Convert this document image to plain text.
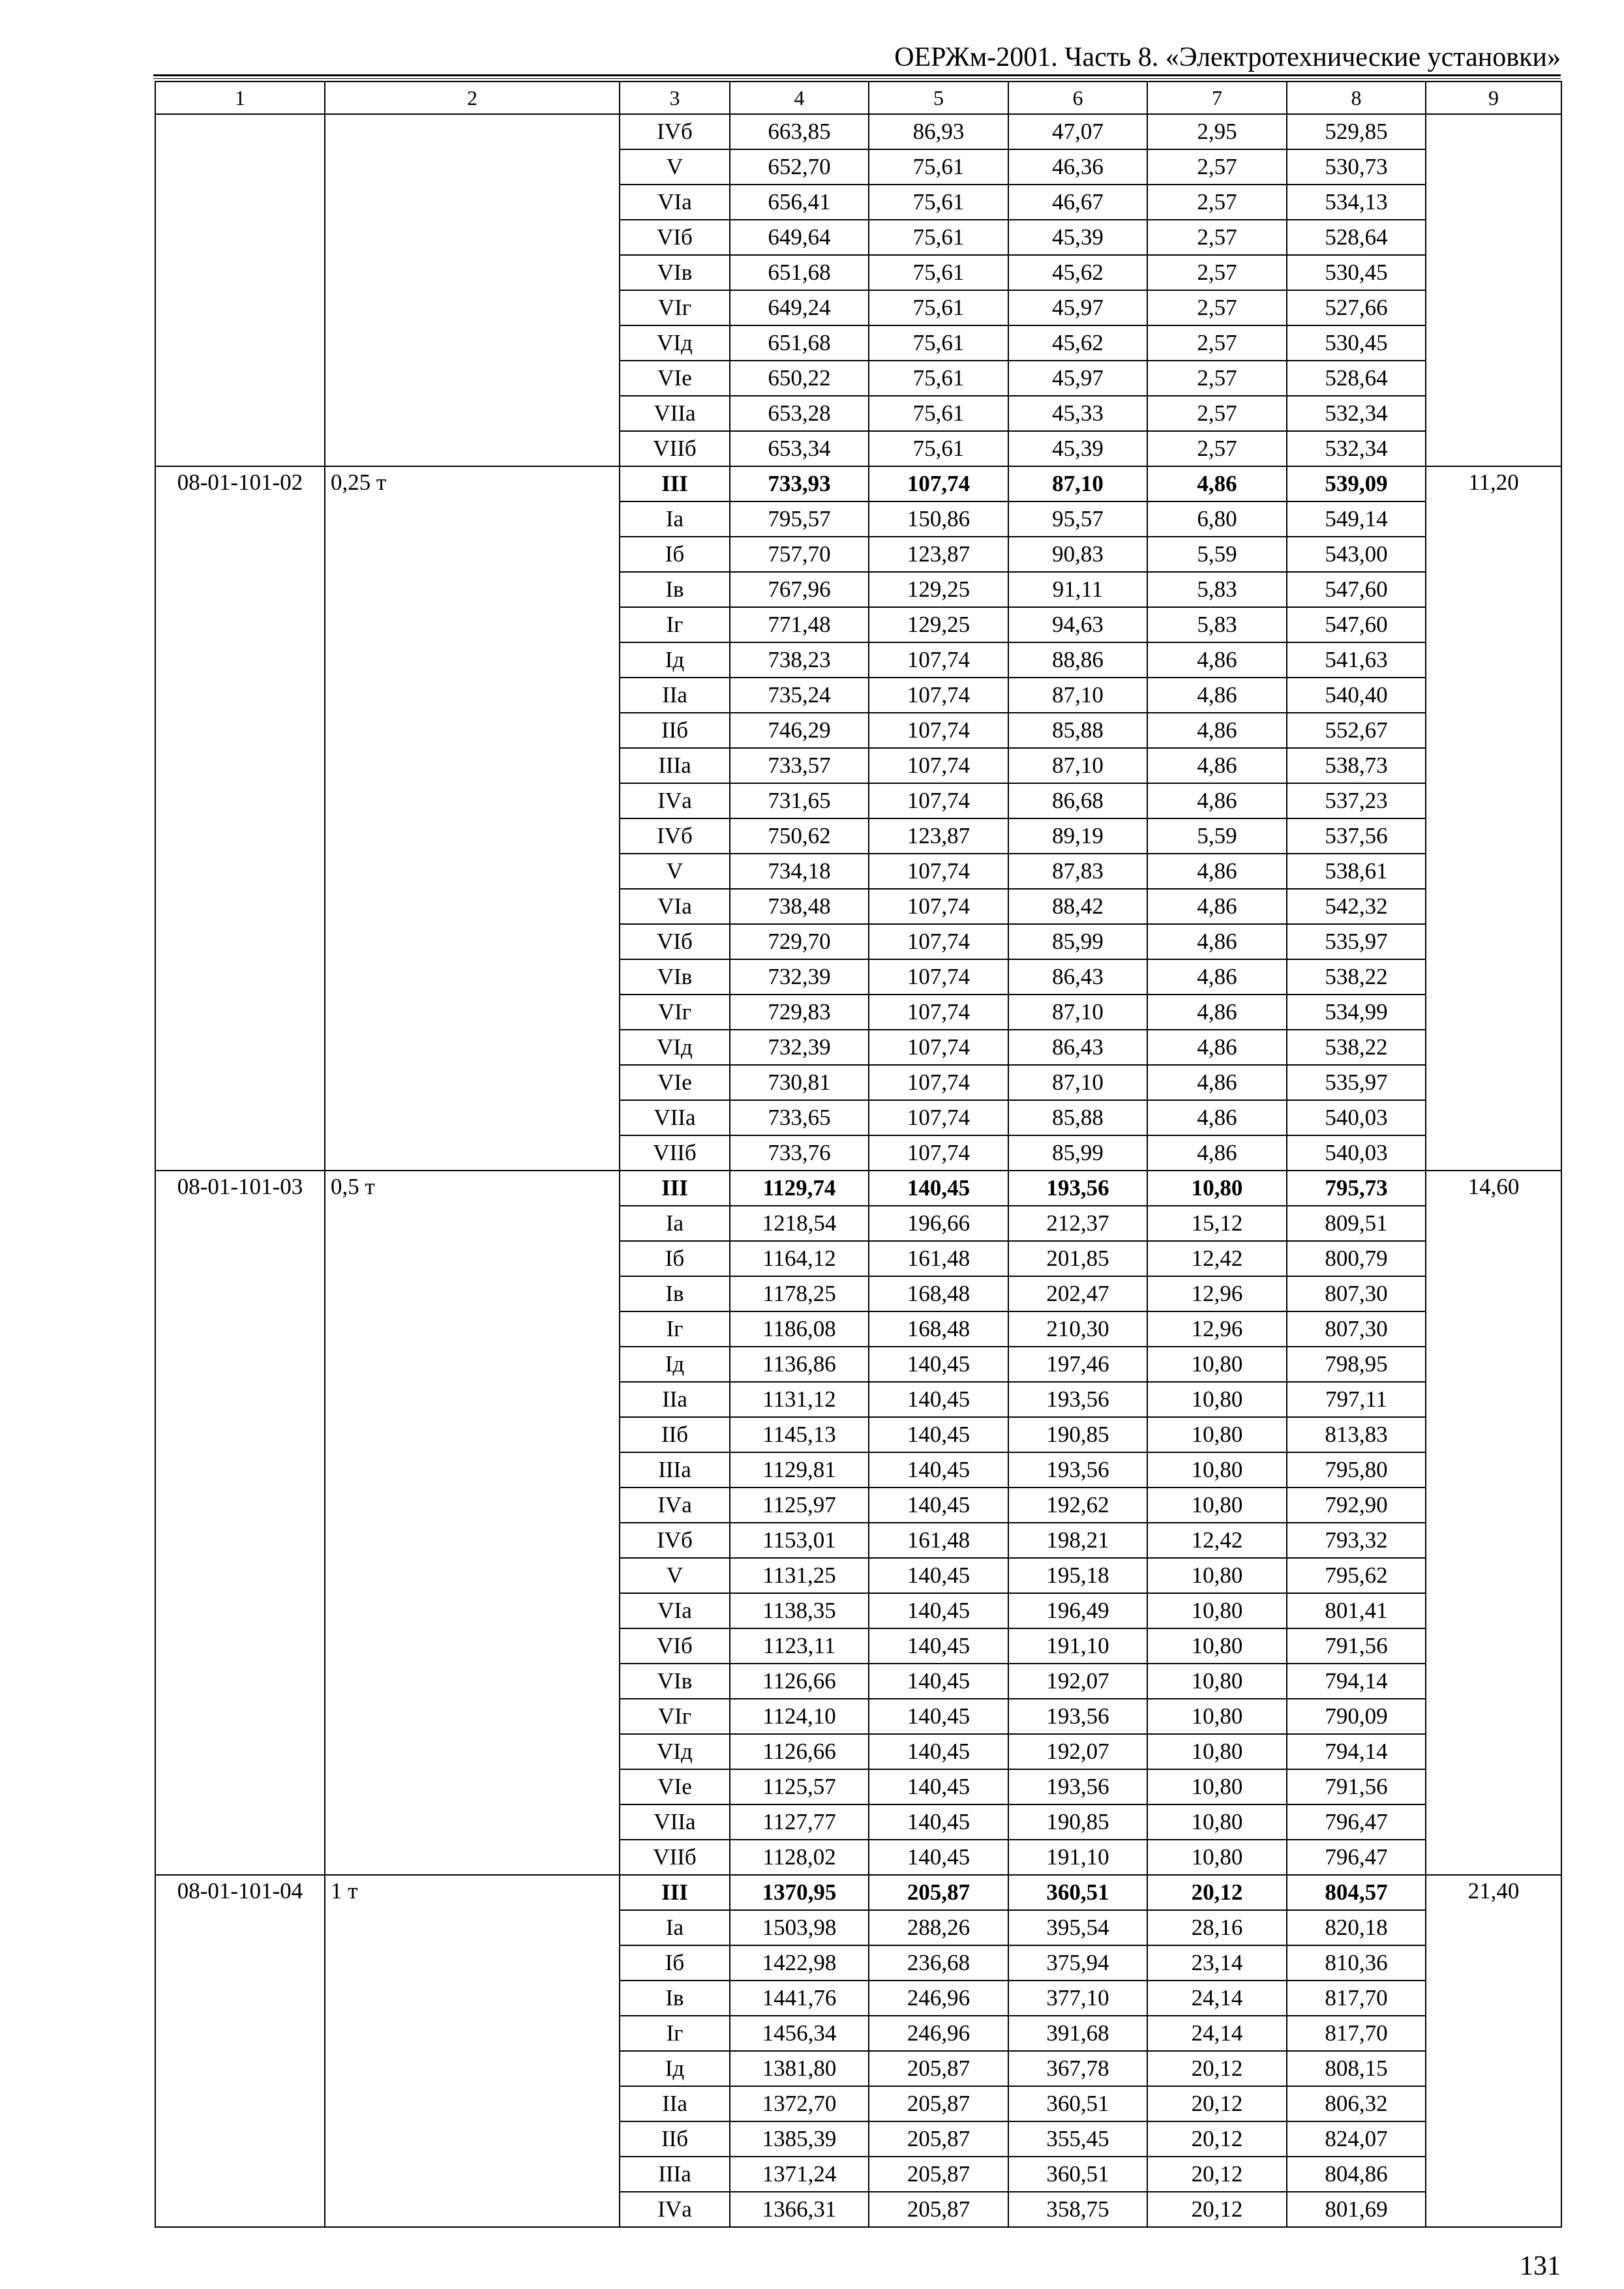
ОЕРЖм-2001. Часть 8. «Электротехнические установки»
1	2	3	4	5	6	7	8	9
		IVб	663,85	86,93	47,07	2,95	529,85	
		V	652,70	75,61	46,36	2,57	530,73	
		VIа	656,41	75,61	46,67	2,57	534,13	
		VIб	649,64	75,61	45,39	2,57	528,64	
		VIв	651,68	75,61	45,62	2,57	530,45	
		VIг	649,24	75,61	45,97	2,57	527,66	
		VIд	651,68	75,61	45,62	2,57	530,45	
		VIе	650,22	75,61	45,97	2,57	528,64	
		VIIа	653,28	75,61	45,33	2,57	532,34	
		VIIб	653,34	75,61	45,39	2,57	532,34	
08-01-101-02	0,25 т	III	733,93	107,74	87,10	4,86	539,09	11,20
		Iа	795,57	150,86	95,57	6,80	549,14	
		Iб	757,70	123,87	90,83	5,59	543,00	
		Iв	767,96	129,25	91,11	5,83	547,60	
		Iг	771,48	129,25	94,63	5,83	547,60	
		Iд	738,23	107,74	88,86	4,86	541,63	
		IIа	735,24	107,74	87,10	4,86	540,40	
		IIб	746,29	107,74	85,88	4,86	552,67	
		IIIа	733,57	107,74	87,10	4,86	538,73	
		IVа	731,65	107,74	86,68	4,86	537,23	
		IVб	750,62	123,87	89,19	5,59	537,56	
		V	734,18	107,74	87,83	4,86	538,61	
		VIа	738,48	107,74	88,42	4,86	542,32	
		VIб	729,70	107,74	85,99	4,86	535,97	
		VIв	732,39	107,74	86,43	4,86	538,22	
		VIг	729,83	107,74	87,10	4,86	534,99	
		VIд	732,39	107,74	86,43	4,86	538,22	
		VIе	730,81	107,74	87,10	4,86	535,97	
		VIIа	733,65	107,74	85,88	4,86	540,03	
		VIIб	733,76	107,74	85,99	4,86	540,03	
08-01-101-03	0,5 т	III	1129,74	140,45	193,56	10,80	795,73	14,60
		Iа	1218,54	196,66	212,37	15,12	809,51	
		Iб	1164,12	161,48	201,85	12,42	800,79	
		Iв	1178,25	168,48	202,47	12,96	807,30	
		Iг	1186,08	168,48	210,30	12,96	807,30	
		Iд	1136,86	140,45	197,46	10,80	798,95	
		IIа	1131,12	140,45	193,56	10,80	797,11	
		IIб	1145,13	140,45	190,85	10,80	813,83	
		IIIа	1129,81	140,45	193,56	10,80	795,80	
		IVа	1125,97	140,45	192,62	10,80	792,90	
		IVб	1153,01	161,48	198,21	12,42	793,32	
		V	1131,25	140,45	195,18	10,80	795,62	
		VIа	1138,35	140,45	196,49	10,80	801,41	
		VIб	1123,11	140,45	191,10	10,80	791,56	
		VIв	1126,66	140,45	192,07	10,80	794,14	
		VIг	1124,10	140,45	193,56	10,80	790,09	
		VIд	1126,66	140,45	192,07	10,80	794,14	
		VIе	1125,57	140,45	193,56	10,80	791,56	
		VIIа	1127,77	140,45	190,85	10,80	796,47	
		VIIб	1128,02	140,45	191,10	10,80	796,47	
08-01-101-04	1 т	III	1370,95	205,87	360,51	20,12	804,57	21,40
		Iа	1503,98	288,26	395,54	28,16	820,18	
		Iб	1422,98	236,68	375,94	23,14	810,36	
		Iв	1441,76	246,96	377,10	24,14	817,70	
		Iг	1456,34	246,96	391,68	24,14	817,70	
		Iд	1381,80	205,87	367,78	20,12	808,15	
		IIа	1372,70	205,87	360,51	20,12	806,32	
		IIб	1385,39	205,87	355,45	20,12	824,07	
		IIIа	1371,24	205,87	360,51	20,12	804,86	
		IVа	1366,31	205,87	358,75	20,12	801,69	
131
